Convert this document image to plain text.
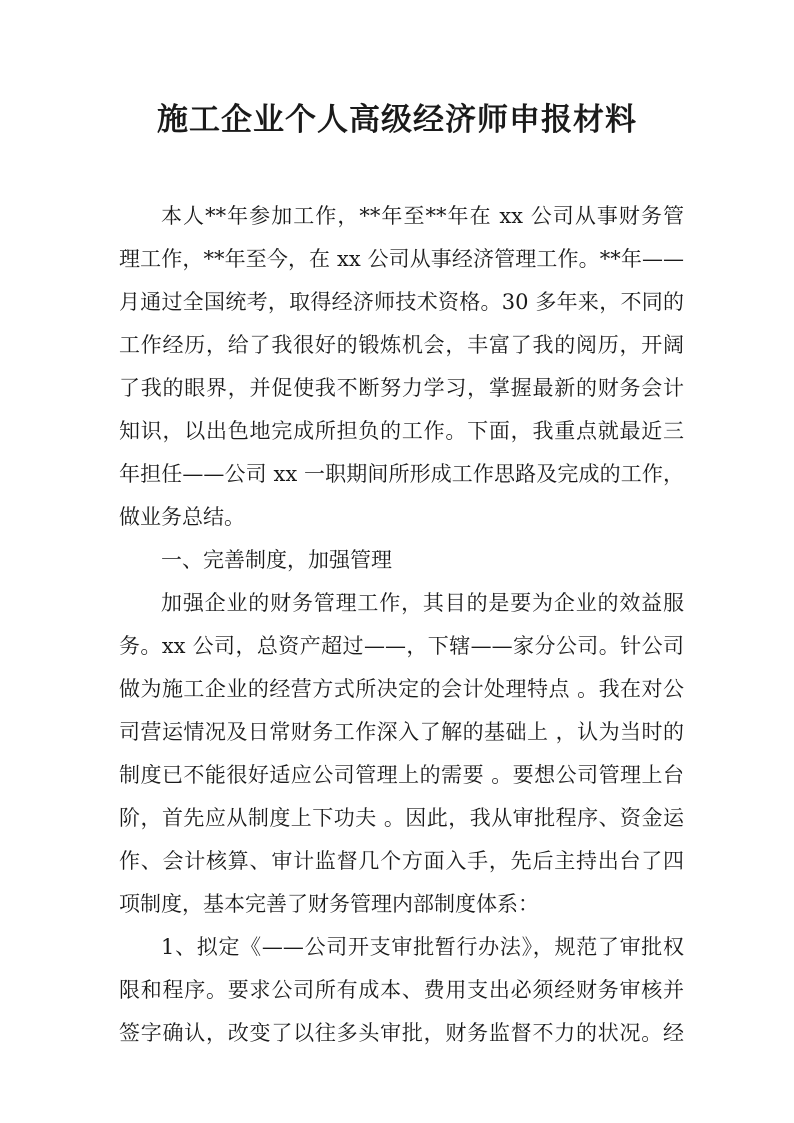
施工企业个人高级经济师申报材料

本人**年参加工作，**年至**年在 xx 公司从事财务管

理工作，**年至今，在 xx 公司从事经济管理工作。**年——

月通过全国统考，取得经济师技术资格。30 多年来，不同的

工作经历，给了我很好的锻炼机会，丰富了我的阅历，开阔

了我的眼界，并促使我不断努力学习，掌握最新的财务会计

知识，以出色地完成所担负的工作。下面，我重点就最近三

年担任——公司 xx 一职期间所形成工作思路及完成的工作，

做业务总结。

一、完善制度，加强管理

加强企业的财务管理工作，其目的是要为企业的效益服

务。xx 公司，总资产超过——，下辖——家分公司。针公司

做为施工企业的经营方式所决定的会计处理特点 。我在对公

司营运情况及日常财务工作深入了解的基础上 ，认为当时的

制度已不能很好适应公司管理上的需要 。要想公司管理上台

阶，首先应从制度上下功夫 。因此，我从审批程序、资金运

作、会计核算、审计监督几个方面入手，先后主持出台了四

项制度，基本完善了财务管理内部制度体系：

1、拟定《——公司开支审批暂行办法》，规范了审批权

限和程序。要求公司所有成本、费用支出必须经财务审核并

签字确认，改变了以往多头审批，财务监督不力的状况。经
